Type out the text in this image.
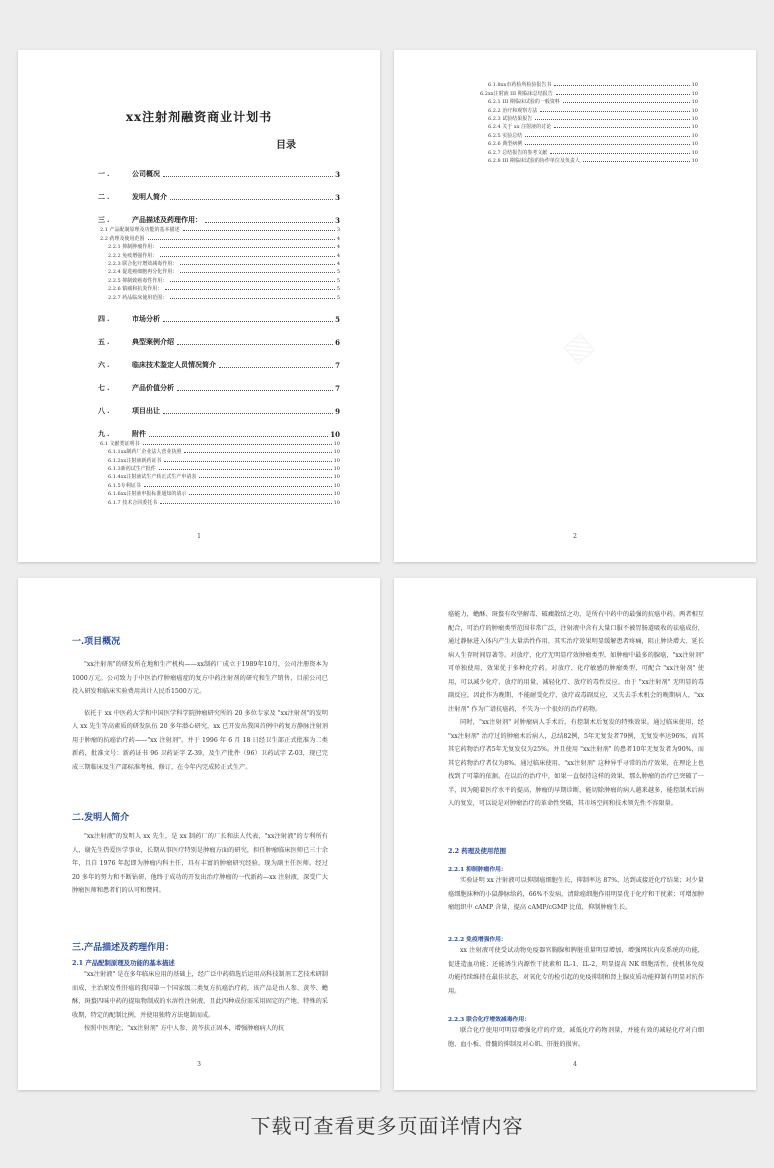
xx注射剂融资商业计划书
目录
一.	公司概况	3
二.	发明人简介	3
三.	产品描述及药理作用：	3
2.1 产品配制原理及功能的基本描述	3
2.2 药理及使用范围	4
2.2.1 抑制肿瘤作用：	4
2.2.2 免疫增强作用：	4
2.2.3 联合化疗增效减毒作用：	4
2.2.4 促进癌细胞再分化作用：	5
2.2.5 抑制致癌毒性作用：	5
2.2.6 镇痛和抗炎作用：	5
2.2.7 药品临床使用范围：	5
四.	市场分析	5
五.	典型案例介绍	6
六.	临床技术鉴定人员情况简介	7
七.	产品价值分析	7
八.	项目出让	9
九.	附件	10
6.1 文献类证明书	10
6.1.1xx制药厂企业法人营业执照	10
6.1.2xx注射液新药证书	10
6.1.3新药试生产批件	10
6.1.4xx注射液试生产转正式生产申请表	10
6.1.5专利证书	10
6.1.6xx注射液申报标准通知的请示	10
6.1.7 技术合同委托书	10
1
6.1.8xx市药检所检验报告书	10
6.2xx注射液 III 期临床总结报告	10
6.2.1 III 期临床试验的一般资料	10
6.2.2 治疗和观察方法	10
6.2.3 试验结果报告	10
6.2.4 关于 xx 注射液的讨论	10
6.2.5 实验总结	10
6.2.6 典型病例	10
6.2.7 总结报告的参考文献	10
6.2.8 III 期临床试验的协作单位及负责人	10
2
一.项目概况

"xx注射剂"的研发所在地和生产机构——xx制药厂成立于1989年10月，公司注册资本为1000万元。公司致力于中医治疗肿瘤癌症的复方中药注射剂的研究和生产销售，目前公司已投入研发和临床实验费用共计人民币1500万元。

依托于 xx 中医药大学和中国医学科学院肿瘤研究所的 20 多位专家及 "xx注射剂"的发明人 xx 先生等高素质的研发队伍 20 多年潜心研究，xx 已开发出我国首例中药复方静脉注射剂用于肿瘤的抗癌治疗药——"xx 注射剂"。并于 1996 年 6 月 18 日经卫生部正式批准为二类新药，批准文号：新药证书 96 卫药证字 Z-39，及生产批件（96）卫药试字 Z-03，现已完成三期临床及生产部标准考核、修订，在今年内完成转正式生产。

二.发明人简介

"xx注射液"的发明人 xx 先生，是 xx 制药厂的厂长和法人代表，"xx注射液"的专利所有人，谢先生热爱医学事业，长期从事医疗特别是肿瘤方面的研究，担任肿瘤临床医师已三十余年，且自 1976 年起即为肿瘤内科主任，具有丰富的肿瘤研究经验，现为副主任医师。经过 20 多年的努力和不断钻研，他终于成功的开发出治疗肿瘤的一代新药—xx 注射液，深受广大肿瘤医师和患者们的认可和赞同。

三.产品描述及药理作用：
2.1 产品配制原理及功能的基本描述

"xx注射液" 是在多年临床应用的基础上，经广泛中药筛选后运用高科技制剂工艺技术研制而成，主治原发性肝癌的我国第一个国家级二类复方抗癌治疗药，该产品是由人参、黄芩、蟾酥、斑蝥四味中药的提取物制成的水溶性注射液，且此四种成份需采用固定的产地、特殊的采收期，特定的配制比例，并使用独特方法炮制而成。

按照中医理论，"xx注射剂" 方中人参、黄芩扶正固本，增强肿瘤病人的抗

3

癌能力，蟾酥、斑蝥有攻坚解毒、破癥散结之功，是所有中药中的最强的抗癌中药，两者相互配合，可治疗的肿瘤类型范围非常广泛，注射液中含有大量口服不被胃肠道吸收的祛癌成份，通过静脉进入体内产生大量活性作用，其实治疗效果明显缓解患者疼痛，阻止肿块增大、延长病人生存时间显著等。对放疗、化疗无明显疗效肿瘤类型，如肿瘤中最多的腺癌，"xx注射剂" 可单独使用，效果优于多种化疗药。对放疗、化疗敏感的肿瘤类型，可配合 "xx注射剂" 使用，可以减少化疗、放疗的用量，减轻化疗、放疗的毒性反应，由于 "xx注射剂" 无明显的毒副反应，因此作为晚期、不能耐受化疗、放疗或毒副反应，又失去手术机会的晚期病人，"xx注射剂" 作为广谱抗癌药，不失为一个很好的治疗药物。

同时，"xx注射剂" 对肿瘤病人手术后，有控制术后复发的特殊效果。通过临床使用，经 "xx注射剂" 治疗过的肿瘤术后病人，总结82例，5年无复发者79例，无复发率达96%，而其其它药物治疗者5年无复发仅为25%。并且使用 "xx注射剂" 的患者10年无复发者为90%，而其它药物治疗者仅为8%。通过临床使用，"xx注射剂" 这种异乎寻常的治疗效果，在理论上也找到了可靠的依据。在以后的治疗中，如果一直保持这样的效果，那么肿瘤的治疗已突破了一半，因为随着医疗水平的提高，肿瘤的早期诊断，能切除肿瘤的病人越来越多，能控制术后病人的复发，可以说是对肿瘤治疗的革命性突破，其市场空间和技术领先性不容限量。

2.2 药理及使用范围
2.2.1 抑制肿瘤作用：

实验证明 xx 注射液可以抑制癌细胞生长，抑制率达 87%，达到或接近化疗结果；对少量癌细胞抹种的小鼠静脉给药，66%不发病，清除癌细胞作用明显优于化疗和干扰素；可增加肿瘤组织中 cAMP 含量，提高 cAMP/cGMP 比值，抑制肿瘤生长。

2.2.2 免疫增强作用：

xx 注射液可使受试动物免疫器官胸腺和脾脏重量明显增加，增强网状内皮系统的功能，促进造血功能；还能诱生内源性干扰素和 IL-1、IL-2，明显提高 NK 细胞活性，使机体免疫功能持续维持在最佳状态，对氧化专的检引起的免疫抑制和肾上腺皮质功能抑制有明显对抗作用。

2.2.3 联合化疗增效减毒作用：

联合化疗使用可明显增强化疗的疗效，减低化疗药物剂量，并能有效的减轻化疗对白细胞、血小板、骨髓的抑制及对心肌、肝脏的损害。

4
下载可查看更多页面详情内容
